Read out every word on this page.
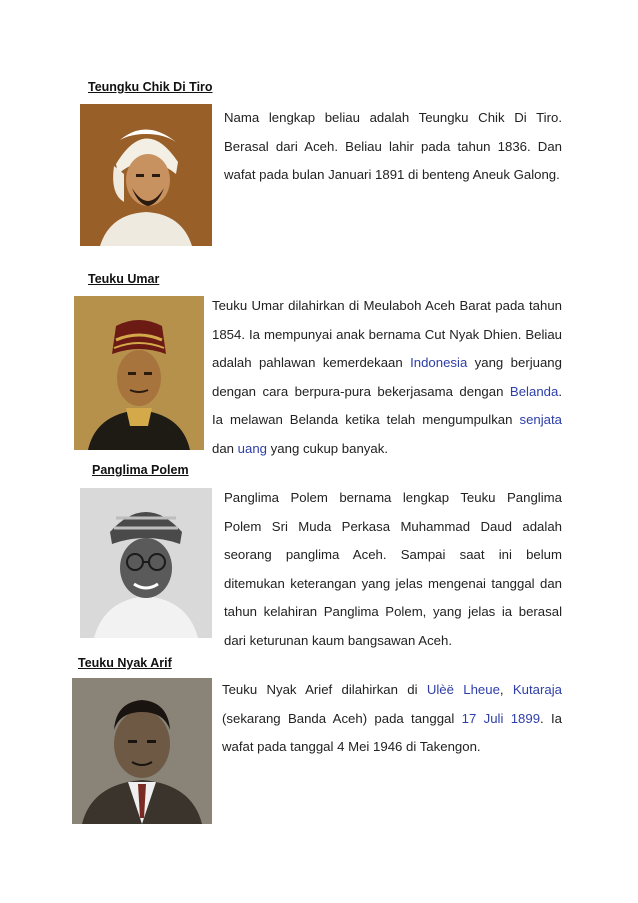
Teungku Chik Di Tiro
Nama lengkap beliau adalah Teungku Chik Di Tiro. Berasal dari Aceh. Beliau lahir pada tahun 1836. Dan wafat pada bulan Januari 1891 di benteng Aneuk Galong.
Teuku Umar
Teuku Umar dilahirkan di Meulaboh Aceh Barat pada tahun 1854. Ia mempunyai anak bernama Cut Nyak Dhien. Beliau adalah pahlawan kemerdekaan Indonesia yang berjuang dengan cara berpura-pura bekerjasama dengan Belanda. Ia melawan Belanda ketika telah mengumpulkan senjata dan uang yang cukup banyak.
Panglima Polem
Panglima Polem bernama lengkap Teuku Panglima Polem Sri Muda Perkasa Muhammad Daud adalah seorang panglima Aceh. Sampai saat ini belum ditemukan keterangan yang jelas mengenai tanggal dan tahun kelahiran Panglima Polem, yang jelas ia berasal dari keturunan kaum bangsawan Aceh.
Teuku Nyak Arif
Teuku Nyak Arief dilahirkan di Ulèë Lheue, Kutaraja (sekarang Banda Aceh) pada tanggal 17 Juli 1899. Ia wafat pada tanggal 4 Mei 1946 di Takengon.
